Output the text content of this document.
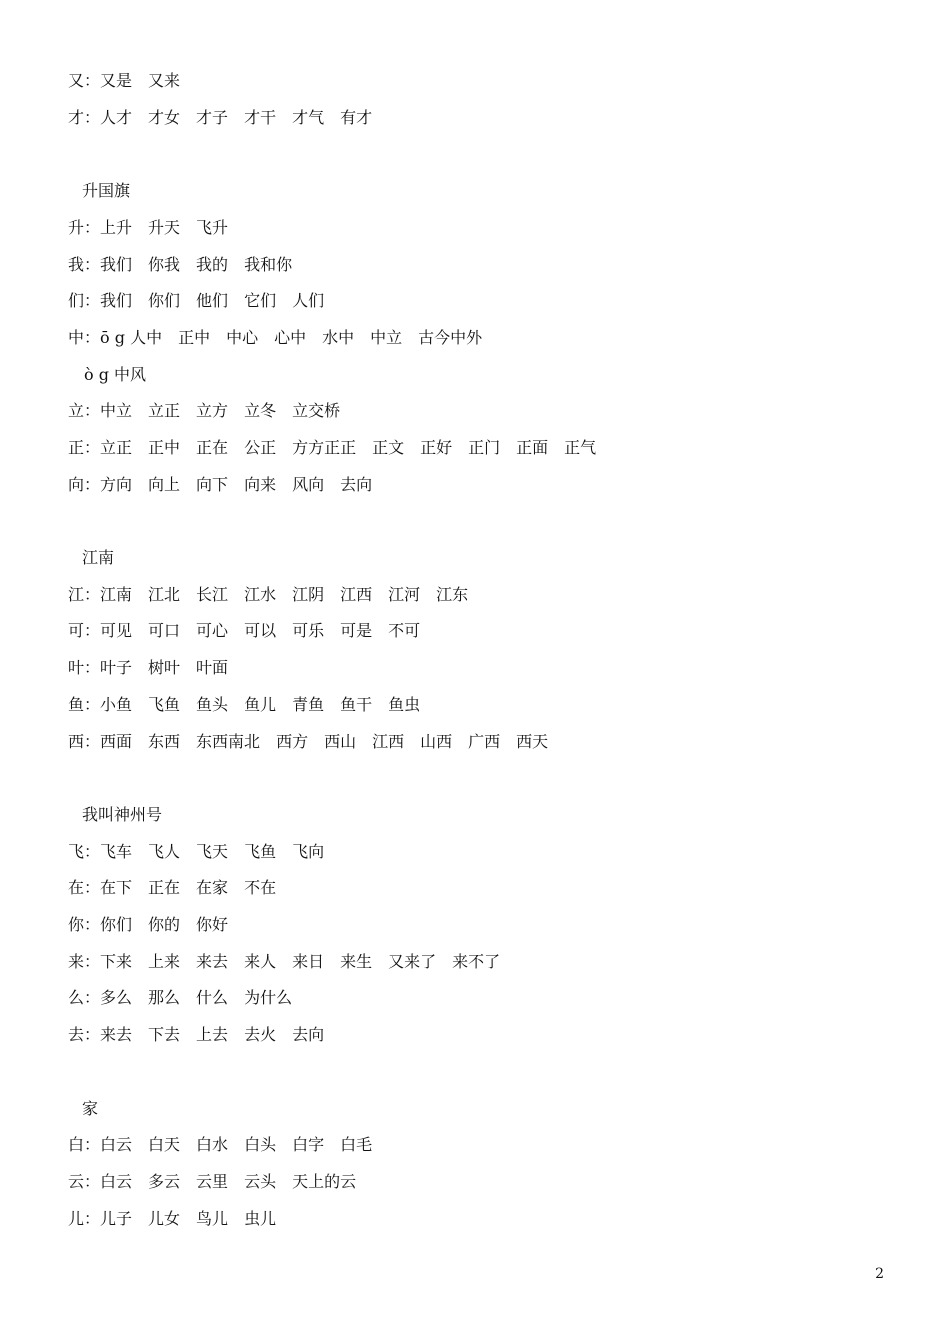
又：又是 又来
才：人才 才女 才子 才干 才气 有才
升国旗
升：上升 升天 飞升
我：我们 你我 我的 我和你
们：我们 你们 他们 它们 人们
中：ō g 人中 正中 中心 心中 水中 中立 古今中外
ò g 中风
立：中立 立正 立方 立冬 立交桥
正：立正 正中 正在 公正 方方正正 正文 正好 正门 正面 正气
向：方向 向上 向下 向来 风向 去向
江南
江：江南 江北 长江 江水 江阴 江西 江河 江东
可：可见 可口 可心 可以 可乐 可是 不可
叶：叶子 树叶 叶面
鱼：小鱼 飞鱼 鱼头 鱼儿 青鱼 鱼干 鱼虫
西：西面 东西 东西南北 西方 西山 江西 山西 广西 西天
我叫神州号
飞：飞车 飞人 飞天 飞鱼 飞向
在：在下 正在 在家 不在
你：你们 你的 你好
来：下来 上来 来去 来人 来日 来生 又来了 来不了
么：多么 那么 什么 为什么
去：来去 下去 上去 去火 去向
家
白：白云 白天 白水 白头 白字 白毛
云：白云 多云 云里 云头 天上的云
儿：儿子 儿女 鸟儿 虫儿
2
